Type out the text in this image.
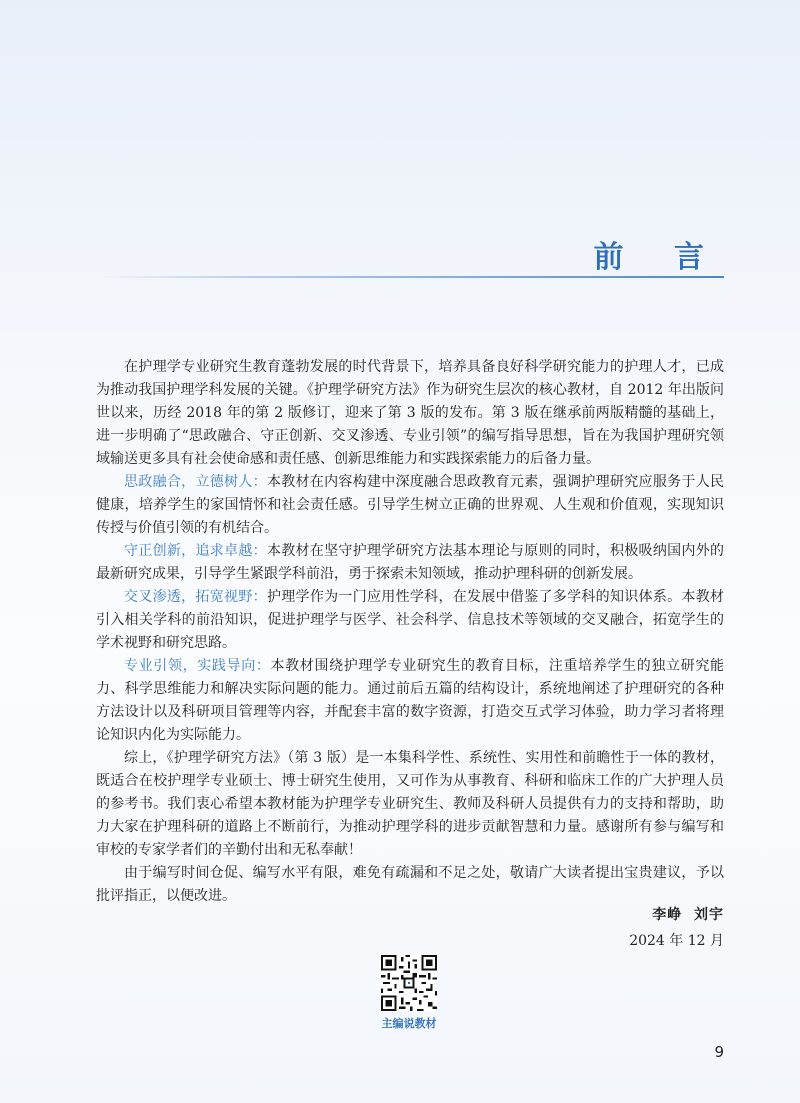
前 言

在护理学专业研究生教育蓬勃发展的时代背景下，培养具备良好科学研究能力的护理人才，已成为推动我国护理学科发展的关键。《护理学研究方法》作为研究生层次的核心教材，自 2012 年出版问世以来，历经 2018 年的第 2 版修订，迎来了第 3 版的发布。第 3 版在继承前两版精髓的基础上，进一步明确了“思政融合、守正创新、交叉渗透、专业引领”的编写指导思想，旨在为我国护理研究领域输送更多具有社会使命感和责任感、创新思维能力和实践探索能力的后备力量。

思政融合，立德树人：本教材在内容构建中深度融合思政教育元素，强调护理研究应服务于人民健康，培养学生的家国情怀和社会责任感。引导学生树立正确的世界观、人生观和价值观，实现知识传授与价值引领的有机结合。

守正创新，追求卓越：本教材在坚守护理学研究方法基本理论与原则的同时，积极吸纳国内外的最新研究成果，引导学生紧跟学科前沿，勇于探索未知领域，推动护理科研的创新发展。

交叉渗透，拓宽视野：护理学作为一门应用性学科，在发展中借鉴了多学科的知识体系。本教材引入相关学科的前沿知识，促进护理学与医学、社会科学、信息技术等领域的交叉融合，拓宽学生的学术视野和研究思路。

专业引领，实践导向：本教材围绕护理学专业研究生的教育目标，注重培养学生的独立研究能力、科学思维能力和解决实际问题的能力。通过前后五篇的结构设计，系统地阐述了护理研究的各种方法设计以及科研项目管理等内容，并配套丰富的数字资源，打造交互式学习体验，助力学习者将理论知识内化为实际能力。

综上，《护理学研究方法》（第 3 版）是一本集科学性、系统性、实用性和前瞻性于一体的教材，既适合在校护理学专业硕士、博士研究生使用，又可作为从事教育、科研和临床工作的广大护理人员的参考书。我们衷心希望本教材能为护理学专业研究生、教师及科研人员提供有力的支持和帮助，助力大家在护理科研的道路上不断前行，为推动护理学科的进步贡献智慧和力量。感谢所有参与编写和审校的专家学者们的辛勤付出和无私奉献！

由于编写时间仓促、编写水平有限，难免有疏漏和不足之处，敬请广大读者提出宝贵建议，予以批评指正，以便改进。

李峥  刘宇
2024 年 12 月
主编说教材
9
